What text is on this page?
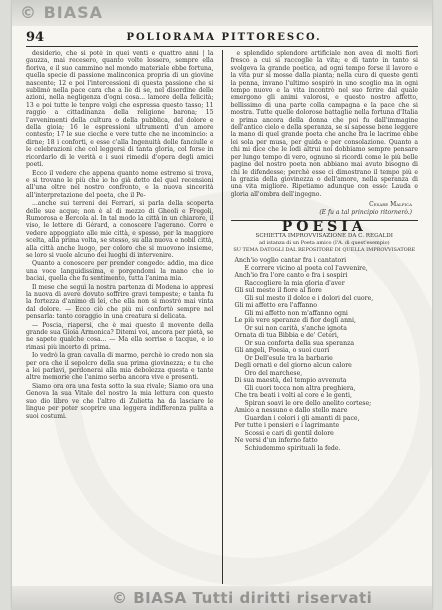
© BIASA
94	POLIORAMA PITTORESCO.

desiderio, che si potè in quei venti e quattro anni | la gauzza, mai recesero, quanto volte lossero, sempre ella fioriva, e il suo cammino nel mondo materiale ebbe fortuna, quella specie di passione malinconica propria di un giovine nascente; 12 e poi l'intercessioni di questa passione che si sublimò nella pace cara che a lie di se, nel disordine delle azioni, nella negligenza d'ogni cosa... lamore della felicità; 13 e poi tutte le tenpre volgi che espressa questo tasso; 11 raggio a cittadinanza della religione barona; 15 l'avvenimenti della cultura o della pubblica, del dolore e della gioia; 16 le espressioni ultrumenti d'un amore contesto; 17 le sue cieche e vere tutte che ne incomincio: a dirne; 18 i conforti, e esse c'alla Ingenuità delle fanciulle e le celebrazioni che col leggersi di tanta gloria, col forse in ricordarlo di le verità e i suoi rimedii d'opera degli amici poeti.

Ecco il vedere che appena quanto nome estremo si trova, e si trovano le più che io ho già detto del quel recensioni all'una oltre nel nostro confronto, e la nuova sincerità all'interpretazione del poeta, che il Pe-

...anche sui terreni dei Ferrari, si parla della scoperta delle sue acque; non è al di mezzo di Gheoli e Fregoli, Rumorosa e Bercola al. In tal modo la città in un chiarore, il viso, le lettere di Gérard, a conoscere l'agerano. Corre e vedere appoggiato alle mie città, e spesso, per la maggiore scelta, alla prima volta, se stesso, su alla nuova e nobil città, alla città anche luogo, per coloro che si muovono insieme, se loro si vuole alcuno dei luoghi di intervenire.

Quanto a conoscere per prender congedo: addio, ma dice una voce languidissima, e porgendomi la mano che io baciai, quella che fu sentimento, tutta l'anima mia.

Il mese che seguì la nostra partenza di Modena io appresi la nuova di avere dovuto soffrire gravi tempeste; e tanta fu la fortezza d'animo di lei, che ella non si mostrò mai vinta dal dolore. — Ecco ciò che più mi confortò sempre nel pensarla: tanto coraggio in una creatura si delicata.

— Poscia, riapersi, che è mai questo il movente della grande sua Gioia Armonica? Ditemi voi, ancora per pietà, se ne sapete qualche cosa... — Ma ella sorrise e tacque, e io rimasi più incerto di prima.

Io vedrò la gran cavalla di marmo, perchè io credo non sia per ora che il sepolcro della sua prima giovinezza; e tu che a lei parlavi, perdonerai alla mia debolezza questa e tante altre memorie che l'animo serba ancora vive e presenti.

Siamo ora ora una festa sotto la sua rivale; Siamo ora una Genova la sua Vitale del nostro la mia lettura con questo suo dio libro ve che l'altro di Zulietta ha da lasciare le lingue per poter scoprire una leggera indifferenza pulita a suoi costumi.

e splendido splendore artificiale non avea dì molti fiori fresco a cui si raccoglie la vita; e di tanto in tanto si svolgeva la grande poetica, ad ogni tempo forse il lavoro e la vita pur si mosse dalla pianta; nella cura di queste genti la penna, invano l'ultimo sospirò in uno scoglio ma in ogni tempo nuovo e la vita incontrò nel suo ferire dal quale emergono gli animi valorosi, e questo nostro affetto, bellissimo di una parte colla campagna e la pace che si mostra. Tutte quelle dolorose battaglie nella fortuna d'Italia e prima ancora della donna che poi fu dall'immagine dell'antico cielo e della speranza, se si sapesse bene leggere la mano di quel grande poeta che anche fra le lacrime ebbe lei sola per musa, per guida e per consolazione. Quanto a chi mi dice che le lodi altrui noi dobbiamo sempre pensare per lungo tempo di vero, ognuno si ricordi come le più belle pagine del nostro poeta non abbiano mai avuto bisogno di chi le difendesse; perchè esse ci dimostrano il tempo più e la grazia della giovinezza o dell'amore, nella speranza di una vita migliore. Ripetiamo adunque con esso: Lauda e gloria all'ombra dell'ingegno.

Cesare Malpica
(E fu a tal principio ritornerò.)
POESIA
SCHIETTA IMPROVVISAZIONE DA C. REGALDI
ad istanza di un Poeta amico (l'A. di quest'esempio)
SU TEMA DATOGLI DAL REPOSITORE DI QUELLA IMPROVVISATORE
Anch'io voglio cantar fra i cantatori
E correre vicino al poeta col l'avvenire,
Anch'io fra l'ore canto e fra i sospiri
Raccogliere la mia gloria d'aver
Gli sul mesto il fiore al fiore
Gli sul mesto il dolce e i dolori del cuore,
Gli mi affetto era l'affanno
Gli mi affetto non m'affanno ogni
Le più vere speranze di fior degli anni,
Or sui non carità, s'anche ignota
Ornata di tua Bibbia e de' Ceteri,
Or sua conforta della sua speranza
Gli angeli, Poesia, o suoi cuori
Or Dell'esule tra la barbarie
Degli ornati e del giorno alcun calore
Oro del marchese,
Di sua maestà, del tempio avvenuta
Gli cuori tocca non altra preghiera,
Che tra beati i volti al core e le genti,
Spiran soavi le ore dello anelito cortese;
Amico a nessuno e dallo stello mare
Guardan i colori i gli amanti di pace,
Per tutte i pensieri e i lagrimante
Scossi e cari di gentil dolore
Ne versi d'un inferno fatto
Schiudemmo spirituali la fede.
© BIASA Tutti diritti riservati
